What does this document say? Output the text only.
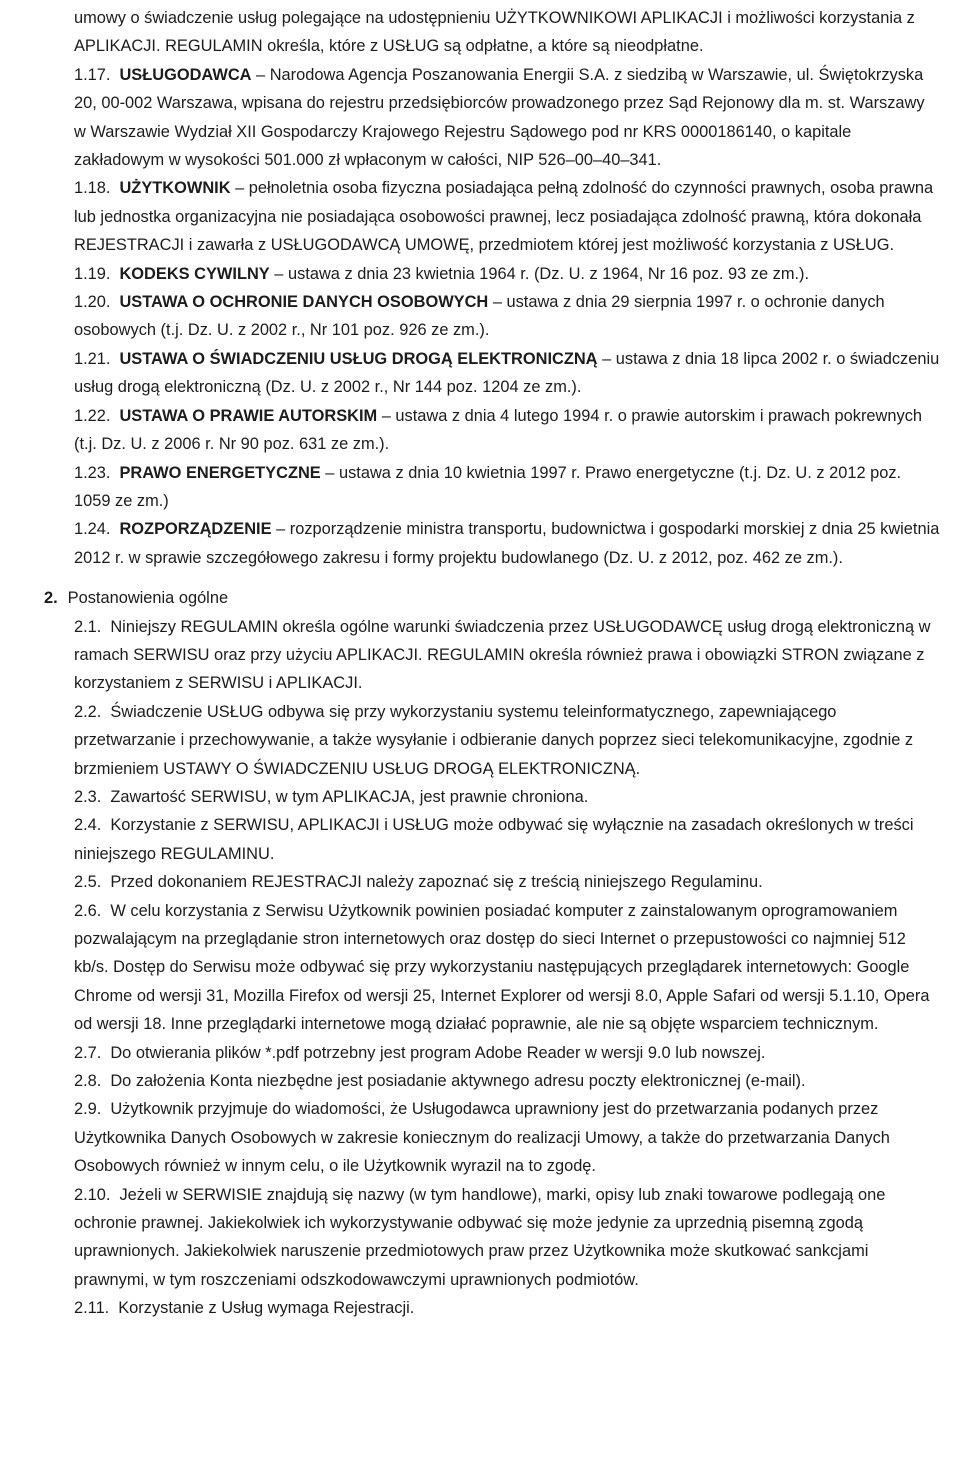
umowy o świadczenie usług polegające na udostępnieniu UŻYTKOWNIKOWI APLIKACJI i możliwości korzystania z APLIKACJI. REGULAMIN określa, które z USŁUG są odpłatne, a które są nieodpłatne.

1.17. USŁUGODAWCA – Narodowa Agencja Poszanowania Energii S.A. z siedzibą w Warszawie, ul. Świętokrzyska 20, 00-002 Warszawa, wpisana do rejestru przedsiębiorców prowadzonego przez Sąd Rejonowy dla m. st. Warszawy w Warszawie Wydział XII Gospodarczy Krajowego Rejestru Sądowego pod nr KRS 0000186140, o kapitale zakładowym w wysokości 501.000 zł wpłaconym w całości, NIP 526–00–40–341.

1.18. UŻYTKOWNIK – pełnoletnia osoba fizyczna posiadająca pełną zdolność do czynności prawnych, osoba prawna lub jednostka organizacyjna nie posiadająca osobowości prawnej, lecz posiadająca zdolność prawną, która dokonała REJESTRACJI i zawarła z USŁUGODAWCĄ UMOWĘ, przedmiotem której jest możliwość korzystania z USŁUG.

1.19. KODEKS CYWILNY – ustawa z dnia 23 kwietnia 1964 r. (Dz. U. z 1964, Nr 16 poz. 93 ze zm.).

1.20. USTAWA O OCHRONIE DANYCH OSOBOWYCH – ustawa z dnia 29 sierpnia 1997 r. o ochronie danych osobowych (t.j. Dz. U. z 2002 r., Nr 101 poz. 926 ze zm.).

1.21. USTAWA O ŚWIADCZENIU USŁUG DROGĄ ELEKTRONICZNĄ – ustawa z dnia 18 lipca 2002 r. o świadczeniu usług drogą elektroniczną (Dz. U. z 2002 r., Nr 144 poz. 1204 ze zm.).

1.22. USTAWA O PRAWIE AUTORSKIM – ustawa z dnia 4 lutego 1994 r. o prawie autorskim i prawach pokrewnych (t.j. Dz. U. z 2006 r. Nr 90 poz. 631 ze zm.).

1.23. PRAWO ENERGETYCZNE – ustawa z dnia 10 kwietnia 1997 r. Prawo energetyczne (t.j. Dz. U. z 2012 poz. 1059 ze zm.)

1.24. ROZPORZĄDZENIE – rozporządzenie ministra transportu, budownictwa i gospodarki morskiej z dnia 25 kwietnia 2012 r. w sprawie szczegółowego zakresu i formy projektu budowlanego (Dz. U. z 2012, poz. 462 ze zm.).

2. Postanowienia ogólne

2.1. Niniejszy REGULAMIN określa ogólne warunki świadczenia przez USŁUGODAWCĘ usług drogą elektroniczną w ramach SERWISU oraz przy użyciu APLIKACJI. REGULAMIN określa również prawa i obowiązki STRON związane z korzystaniem z SERWISU i APLIKACJI.

2.2. Świadczenie USŁUG odbywa się przy wykorzystaniu systemu teleinformatycznego, zapewniającego przetwarzanie i przechowywanie, a także wysyłanie i odbieranie danych poprzez sieci telekomunikacyjne, zgodnie z brzmieniem USTAWY O ŚWIADCZENIU USŁUG DROGĄ ELEKTRONICZNĄ.

2.3. Zawartość SERWISU, w tym APLIKACJA, jest prawnie chroniona.

2.4. Korzystanie z SERWISU, APLIKACJI i USŁUG może odbywać się wyłącznie na zasadach określonych w treści niniejszego REGULAMINU.

2.5. Przed dokonaniem REJESTRACJI należy zapoznać się z treścią niniejszego Regulaminu.

2.6. W celu korzystania z Serwisu Użytkownik powinien posiadać komputer z zainstalowanym oprogramowaniem pozwalającym na przeglądanie stron internetowych oraz dostęp do sieci Internet o przepustowości co najmniej 512 kb/s. Dostęp do Serwisu może odbywać się przy wykorzystaniu następujących przeglądarek internetowych: Google Chrome od wersji 31, Mozilla Firefox od wersji 25, Internet Explorer od wersji 8.0, Apple Safari od wersji 5.1.10, Opera od wersji 18. Inne przeglądarki internetowe mogą działać poprawnie, ale nie są objęte wsparciem technicznym.

2.7. Do otwierania plików *.pdf potrzebny jest program Adobe Reader w wersji 9.0 lub nowszej.

2.8. Do założenia Konta niezbędne jest posiadanie aktywnego adresu poczty elektronicznej (e-mail).

2.9. Użytkownik przyjmuje do wiadomości, że Usługodawca uprawniony jest do przetwarzania podanych przez Użytkownika Danych Osobowych w zakresie koniecznym do realizacji Umowy, a także do przetwarzania Danych Osobowych również w innym celu, o ile Użytkownik wyrazil na to zgodę.

2.10. Jeżeli w SERWISIE znajdują się nazwy (w tym handlowe), marki, opisy lub znaki towarowe podlegają one ochronie prawnej. Jakiekolwiek ich wykorzystywanie odbywać się może jedynie za uprzednią pisemną zgodą uprawnionych. Jakiekolwiek naruszenie przedmiotowych praw przez Użytkownika może skutkować sankcjami prawnymi, w tym roszczeniami odszkodowawczymi uprawnionych podmiotów.

2.11. Korzystanie z Usług wymaga Rejestracji.
